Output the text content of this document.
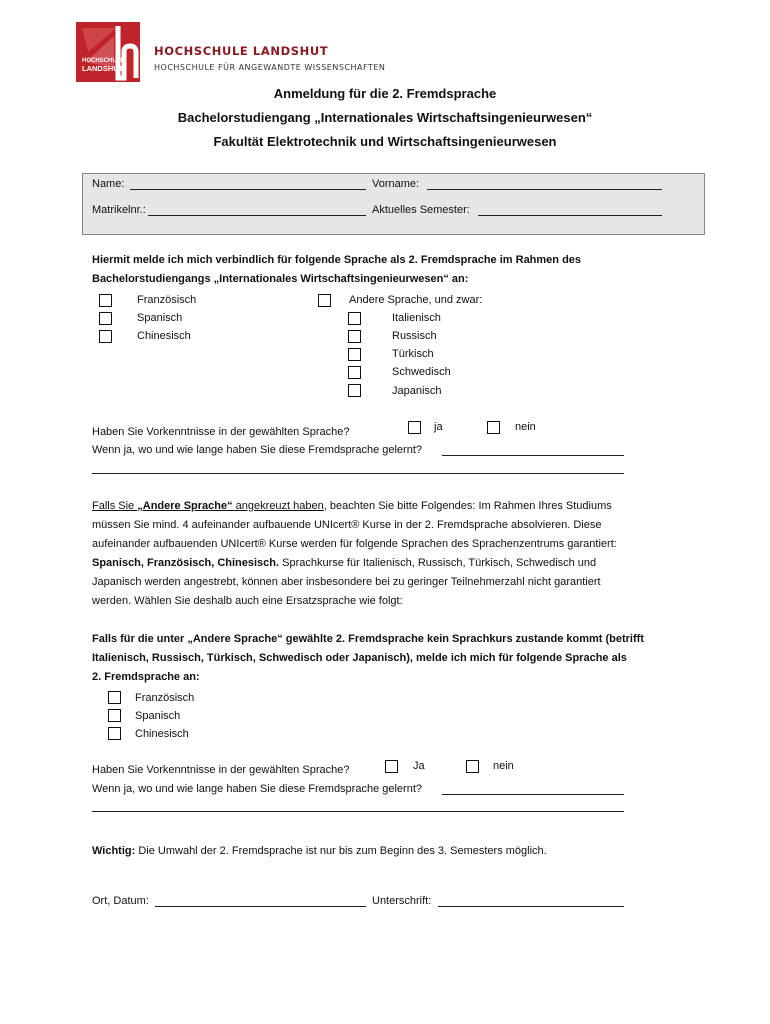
HOCHSCHULE
LANDSHUT
HOCHSCHULE LANDSHUT
HOCHSCHULE FÜR ANGEWANDTE WISSENSCHAFTEN
Anmeldung für die 2. Fremdsprache
Bachelorstudiengang „Internationales Wirtschaftsingenieurwesen“
Fakultät Elektrotechnik und Wirtschaftsingenieurwesen
Name:	Vorname:
Matrikelnr.:	Aktuelles Semester:
Hiermit melde ich mich verbindlich für folgende Sprache als 2. Fremdsprache im Rahmen des
Bachelorstudiengangs „Internationales Wirtschaftsingenieurwesen“ an:
Französisch
Spanisch
Chinesisch
Andere Sprache, und zwar:
Italienisch
Russisch
Türkisch
Schwedisch
Japanisch
Haben Sie Vorkenntnisse in der gewählten Sprache?	ja	nein
Wenn ja, wo und wie lange haben Sie diese Fremdsprache gelernt?
Falls Sie „Andere Sprache“ angekreuzt haben, beachten Sie bitte Folgendes: Im Rahmen Ihres Studiums
müssen Sie mind. 4 aufeinander aufbauende UNIcert® Kurse in der 2. Fremdsprache absolvieren. Diese
aufeinander aufbauenden UNIcert® Kurse werden für folgende Sprachen des Sprachenzentrums garantiert:
Spanisch, Französisch, Chinesisch. Sprachkurse für Italienisch, Russisch, Türkisch, Schwedisch und
Japanisch werden angestrebt, können aber insbesondere bei zu geringer Teilnehmerzahl nicht garantiert
werden. Wählen Sie deshalb auch eine Ersatzsprache wie folgt:
Falls für die unter „Andere Sprache“ gewählte 2. Fremdsprache kein Sprachkurs zustande kommt (betrifft
Italienisch, Russisch, Türkisch, Schwedisch oder Japanisch), melde ich mich für folgende Sprache als
2. Fremdsprache an:
Französisch
Spanisch
Chinesisch
Haben Sie Vorkenntnisse in der gewählten Sprache?	Ja	nein
Wenn ja, wo und wie lange haben Sie diese Fremdsprache gelernt?
Wichtig: Die Umwahl der 2. Fremdsprache ist nur bis zum Beginn des 3. Semesters möglich.
Ort, Datum:	Unterschrift:
